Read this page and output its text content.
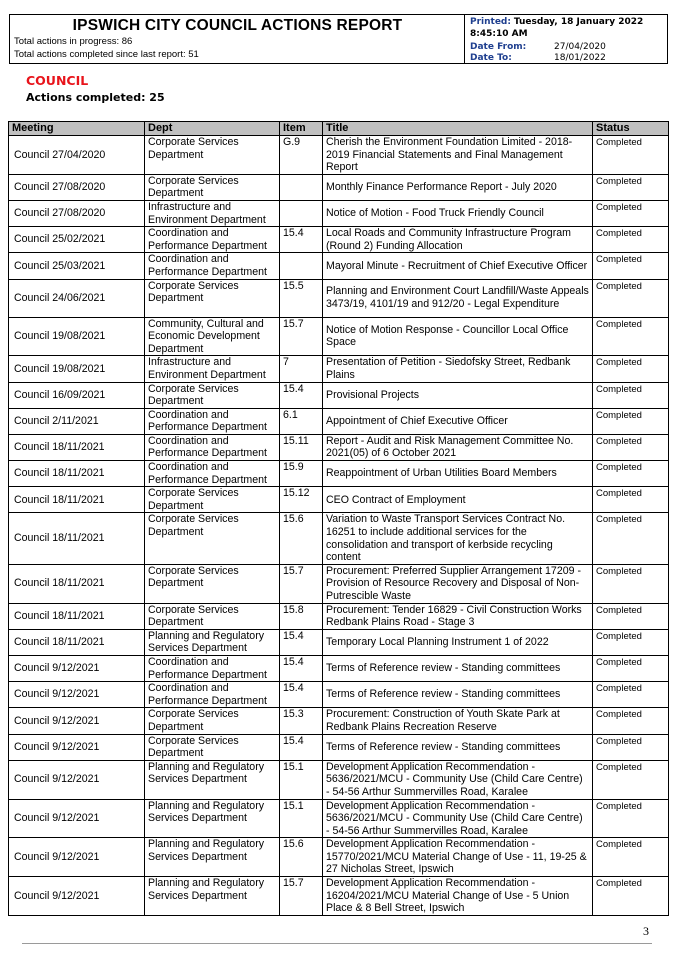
IPSWICH CITY COUNCIL ACTIONS REPORT
Total actions in progress: 86
Total actions completed since last report: 51
Printed: Tuesday, 18 January 2022
8:45:10 AM
Date From:	27/04/2020
Date To:	18/01/2022
COUNCIL
Actions completed: 25
Meeting	Dept	Item	Title	Status
Council 27/04/2020	Corporate Services Department	G.9	Cherish the Environment Foundation Limited - 2018-2019 Financial Statements and Final Management Report	Completed
Council 27/08/2020	Corporate Services Department		Monthly Finance Performance Report - July 2020	Completed
Council 27/08/2020	Infrastructure and Environment Department		Notice of Motion - Food Truck Friendly Council	Completed
Council 25/02/2021	Coordination and Performance Department	15.4	Local Roads and Community Infrastructure Program (Round 2) Funding Allocation	Completed
Council 25/03/2021	Coordination and Performance Department		Mayoral Minute - Recruitment of Chief Executive Officer	Completed
Council 24/06/2021	Corporate Services Department	15.5	Planning and Environment Court Landfill/Waste Appeals 3473/19, 4101/19 and 912/20 - Legal Expenditure	Completed
Council 19/08/2021	Community, Cultural and Economic Development Department	15.7	Notice of Motion Response - Councillor Local Office Space	Completed
Council 19/08/2021	Infrastructure and Environment Department	7	Presentation of Petition - Siedofsky Street, Redbank Plains	Completed
Council 16/09/2021	Corporate Services Department	15.4	Provisional Projects	Completed
Council 2/11/2021	Coordination and Performance Department	6.1	Appointment of Chief Executive Officer	Completed
Council 18/11/2021	Coordination and Performance Department	15.11	Report - Audit and Risk Management Committee No. 2021(05) of 6 October 2021	Completed
Council 18/11/2021	Coordination and Performance Department	15.9	Reappointment of Urban Utilities Board Members	Completed
Council 18/11/2021	Corporate Services Department	15.12	CEO Contract of Employment	Completed
Council 18/11/2021	Corporate Services Department	15.6	Variation to Waste Transport Services Contract No. 16251 to include additional services for the consolidation and transport of kerbside recycling content	Completed
Council 18/11/2021	Corporate Services Department	15.7	Procurement: Preferred Supplier Arrangement 17209 - Provision of Resource Recovery and Disposal of Non-Putrescible Waste	Completed
Council 18/11/2021	Corporate Services Department	15.8	Procurement: Tender 16829 - Civil Construction Works Redbank Plains Road - Stage 3	Completed
Council 18/11/2021	Planning and Regulatory Services Department	15.4	Temporary Local Planning Instrument 1 of 2022	Completed
Council 9/12/2021	Coordination and Performance Department	15.4	Terms of Reference review - Standing committees	Completed
Council 9/12/2021	Coordination and Performance Department	15.4	Terms of Reference review - Standing committees	Completed
Council 9/12/2021	Corporate Services Department	15.3	Procurement: Construction of Youth Skate Park at Redbank Plains Recreation Reserve	Completed
Council 9/12/2021	Corporate Services Department	15.4	Terms of Reference review - Standing committees	Completed
Council 9/12/2021	Planning and Regulatory Services Department	15.1	Development Application Recommendation - 5636/2021/MCU - Community Use (Child Care Centre) - 54-56 Arthur Summervilles Road, Karalee	Completed
Council 9/12/2021	Planning and Regulatory Services Department	15.1	Development Application Recommendation - 5636/2021/MCU - Community Use (Child Care Centre) - 54-56 Arthur Summervilles Road, Karalee	Completed
Council 9/12/2021	Planning and Regulatory Services Department	15.6	Development Application Recommendation - 15770/2021/MCU Material Change of Use - 11, 19-25 & 27 Nicholas Street, Ipswich	Completed
Council 9/12/2021	Planning and Regulatory Services Department	15.7	Development Application Recommendation - 16204/2021/MCU Material Change of Use - 5 Union Place & 8 Bell Street, Ipswich	Completed
3
